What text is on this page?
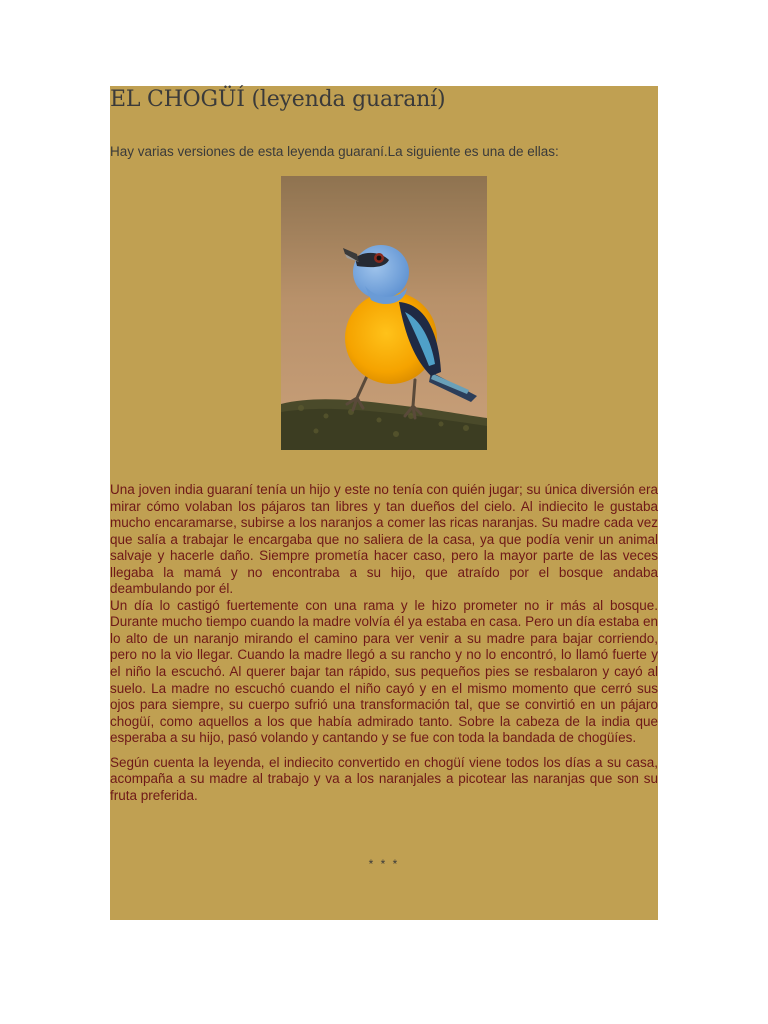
EL CHOGÜÍ (leyenda guaraní)
Hay varias versiones de esta leyenda guaraní.La siguiente es una de ellas:

Una joven india guaraní tenía un hijo y este no tenía con quién jugar; su única diversión era mirar cómo volaban los pájaros tan libres y tan dueños del cielo. Al indiecito le gustaba mucho encaramarse, subirse a los naranjos a comer las ricas naranjas. Su madre cada vez que salía a trabajar le encargaba que no saliera de la casa, ya que podía venir un animal salvaje y hacerle daño. Siempre prometía hacer caso, pero la mayor parte de las veces llegaba la mamá y no encontraba a su hijo, que atraído por el bosque andaba deambulando por él.

Un día lo castigó fuertemente con una rama y le hizo prometer no ir más al bosque. Durante mucho tiempo cuando la madre volvía él ya estaba en casa. Pero un día estaba en lo alto de un naranjo mirando el camino para ver venir a su madre para bajar corriendo, pero no la vio llegar. Cuando la madre llegó a su rancho y no lo encontró, lo llamó fuerte y el niño la escuchó. Al querer bajar tan rápido, sus pequeños pies se resbalaron y cayó al suelo. La madre no escuchó cuando el niño cayó y en el mismo momento que cerró sus ojos para siempre, su cuerpo sufrió una transformación tal, que se convirtió en un pájaro chogüí, como aquellos a los que había admirado tanto. Sobre la cabeza de la india que esperaba a su hijo, pasó volando y cantando y se fue con toda la bandada de chogüíes.

Según cuenta la leyenda, el indiecito convertido en chogüí viene todos los días a su casa, acompaña a su madre al trabajo y va a los naranjales a picotear las naranjas que son su fruta preferida.

* * *
